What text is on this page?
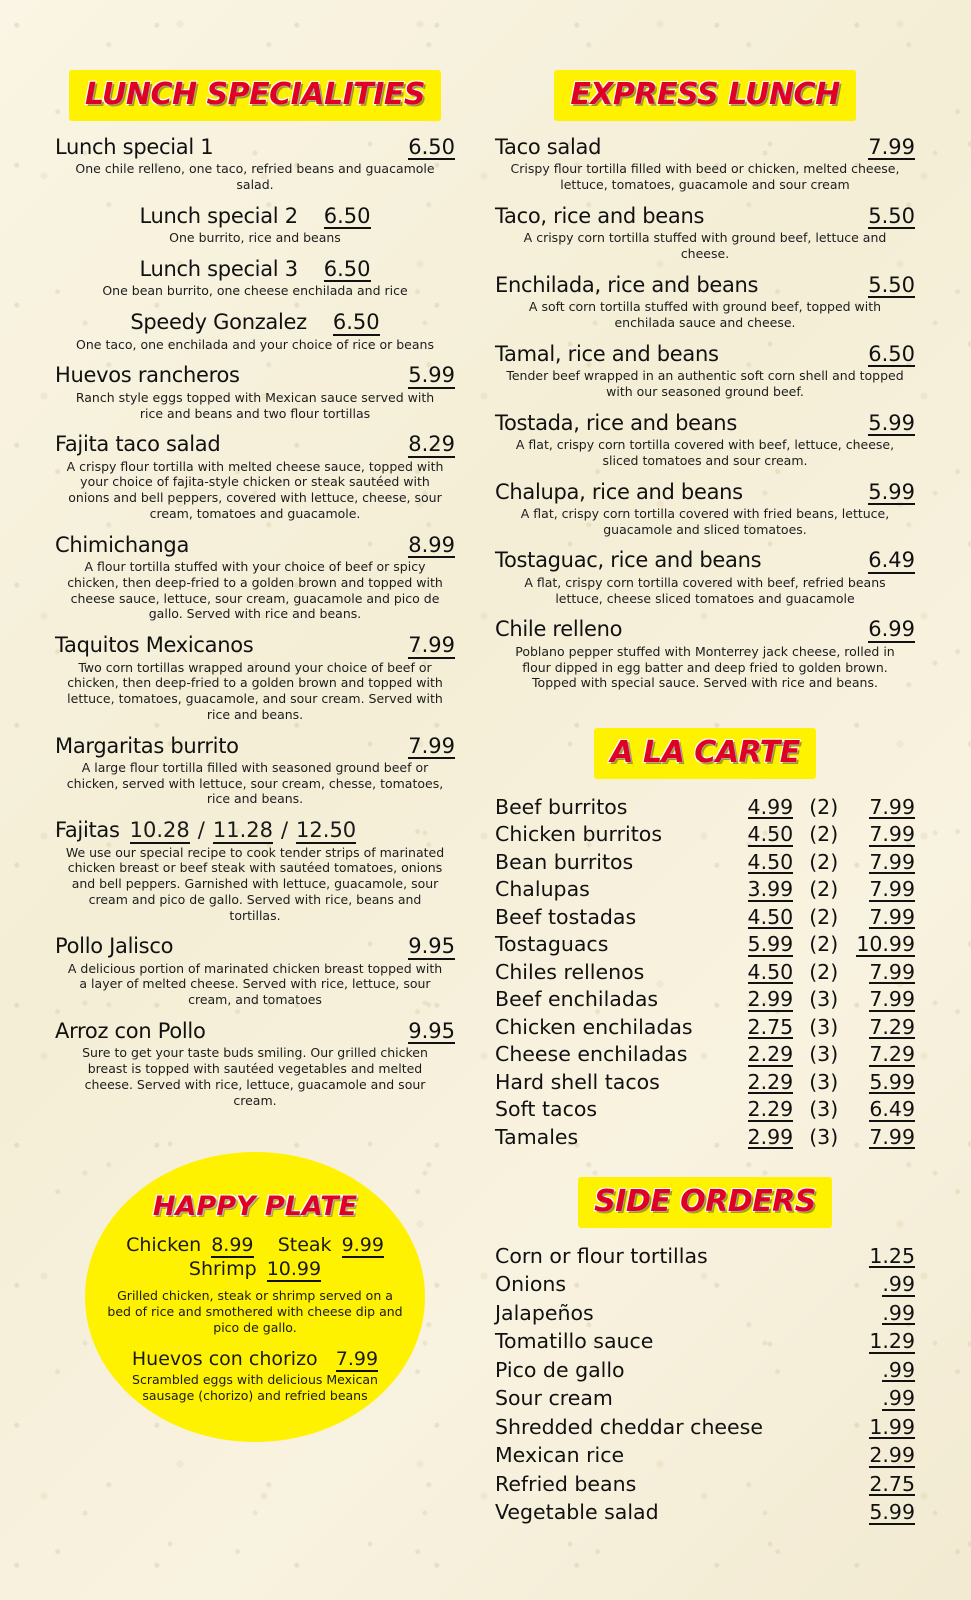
LUNCH SPECIALITIES
Lunch special 1	6.50
One chile relleno, one taco, refried beans and guacamole salad.
Lunch special 2 6.50
One burrito, rice and beans
Lunch special 3 6.50
One bean burrito, one cheese enchilada and rice
Speedy Gonzalez 6.50
One taco, one enchilada and your choice of rice or beans
Huevos rancheros	5.99
Ranch style eggs topped with Mexican sauce served with rice and beans and two flour tortillas
Fajita taco salad	8.29
A crispy flour tortilla with melted cheese sauce, topped with your choice of fajita-style chicken or steak sautéed with onions and bell peppers, covered with lettuce, cheese, sour cream, tomatoes and guacamole.
Chimichanga	8.99
A flour tortilla stuffed with your choice of beef or spicy chicken, then deep-fried to a golden brown and topped with cheese sauce, lettuce, sour cream, guacamole and pico de gallo. Served with rice and beans.
Taquitos Mexicanos	7.99
Two corn tortillas wrapped around your choice of beef or chicken, then deep-fried to a golden brown and topped with lettuce, tomatoes, guacamole, and sour cream. Served with rice and beans.
Margaritas burrito	7.99
A large flour tortilla filled with seasoned ground beef or chicken, served with lettuce, sour cream, chesse, tomatoes, rice and beans.
Fajitas 10.28 / 11.28 / 12.50
We use our special recipe to cook tender strips of marinated chicken breast or beef steak with sautéed tomatoes, onions and bell peppers. Garnished with lettuce, guacamole, sour cream and pico de gallo. Served with rice, beans and tortillas.
Pollo Jalisco	9.95
A delicious portion of marinated chicken breast topped with a layer of melted cheese. Served with rice, lettuce, sour cream, and tomatoes
Arroz con Pollo	9.95
Sure to get your taste buds smiling. Our grilled chicken breast is topped with sautéed vegetables and melted cheese. Served with rice, lettuce, guacamole and sour cream.
HAPPY PLATE
Chicken 8.99 Steak 9.99
Shrimp 10.99
Grilled chicken, steak or shrimp served on a bed of rice and smothered with cheese dip and pico de gallo.
Huevos con chorizo 7.99
Scrambled eggs with delicious Mexican sausage (chorizo) and refried beans
EXPRESS LUNCH
Taco salad	7.99
Crispy flour tortilla filled with beed or chicken, melted cheese, lettuce, tomatoes, guacamole and sour cream
Taco, rice and beans	5.50
A crispy corn tortilla stuffed with ground beef, lettuce and cheese.
Enchilada, rice and beans	5.50
A soft corn tortilla stuffed with ground beef, topped with enchilada sauce and cheese.
Tamal, rice and beans	6.50
Tender beef wrapped in an authentic soft corn shell and topped with our seasoned ground beef.
Tostada, rice and beans	5.99
A flat, crispy corn tortilla covered with beef, lettuce, cheese, sliced tomatoes and sour cream.
Chalupa, rice and beans	5.99
A flat, crispy corn tortilla covered with fried beans, lettuce, guacamole and sliced tomatoes.
Tostaguac, rice and beans	6.49
A flat, crispy corn tortilla covered with beef, refried beans lettuce, cheese sliced tomatoes and guacamole
Chile relleno	6.99
Poblano pepper stuffed with Monterrey jack cheese, rolled in flour dipped in egg batter and deep fried to golden brown. Topped with special sauce. Served with rice and beans.
A LA CARTE
Beef burritos	4.99	(2)	7.99
Chicken burritos	4.50	(2)	7.99
Bean burritos	4.50	(2)	7.99
Chalupas	3.99	(2)	7.99
Beef tostadas	4.50	(2)	7.99
Tostaguacs	5.99	(2)	10.99
Chiles rellenos	4.50	(2)	7.99
Beef enchiladas	2.99	(3)	7.99
Chicken enchiladas	2.75	(3)	7.29
Cheese enchiladas	2.29	(3)	7.29
Hard shell tacos	2.29	(3)	5.99
Soft tacos	2.29	(3)	6.49
Tamales	2.99	(3)	7.99
SIDE ORDERS
Corn or flour tortillas	1.25
Onions	.99
Jalapeños	.99
Tomatillo sauce	1.29
Pico de gallo	.99
Sour cream	.99
Shredded cheddar cheese	1.99
Mexican rice	2.99
Refried beans	2.75
Vegetable salad	5.99
